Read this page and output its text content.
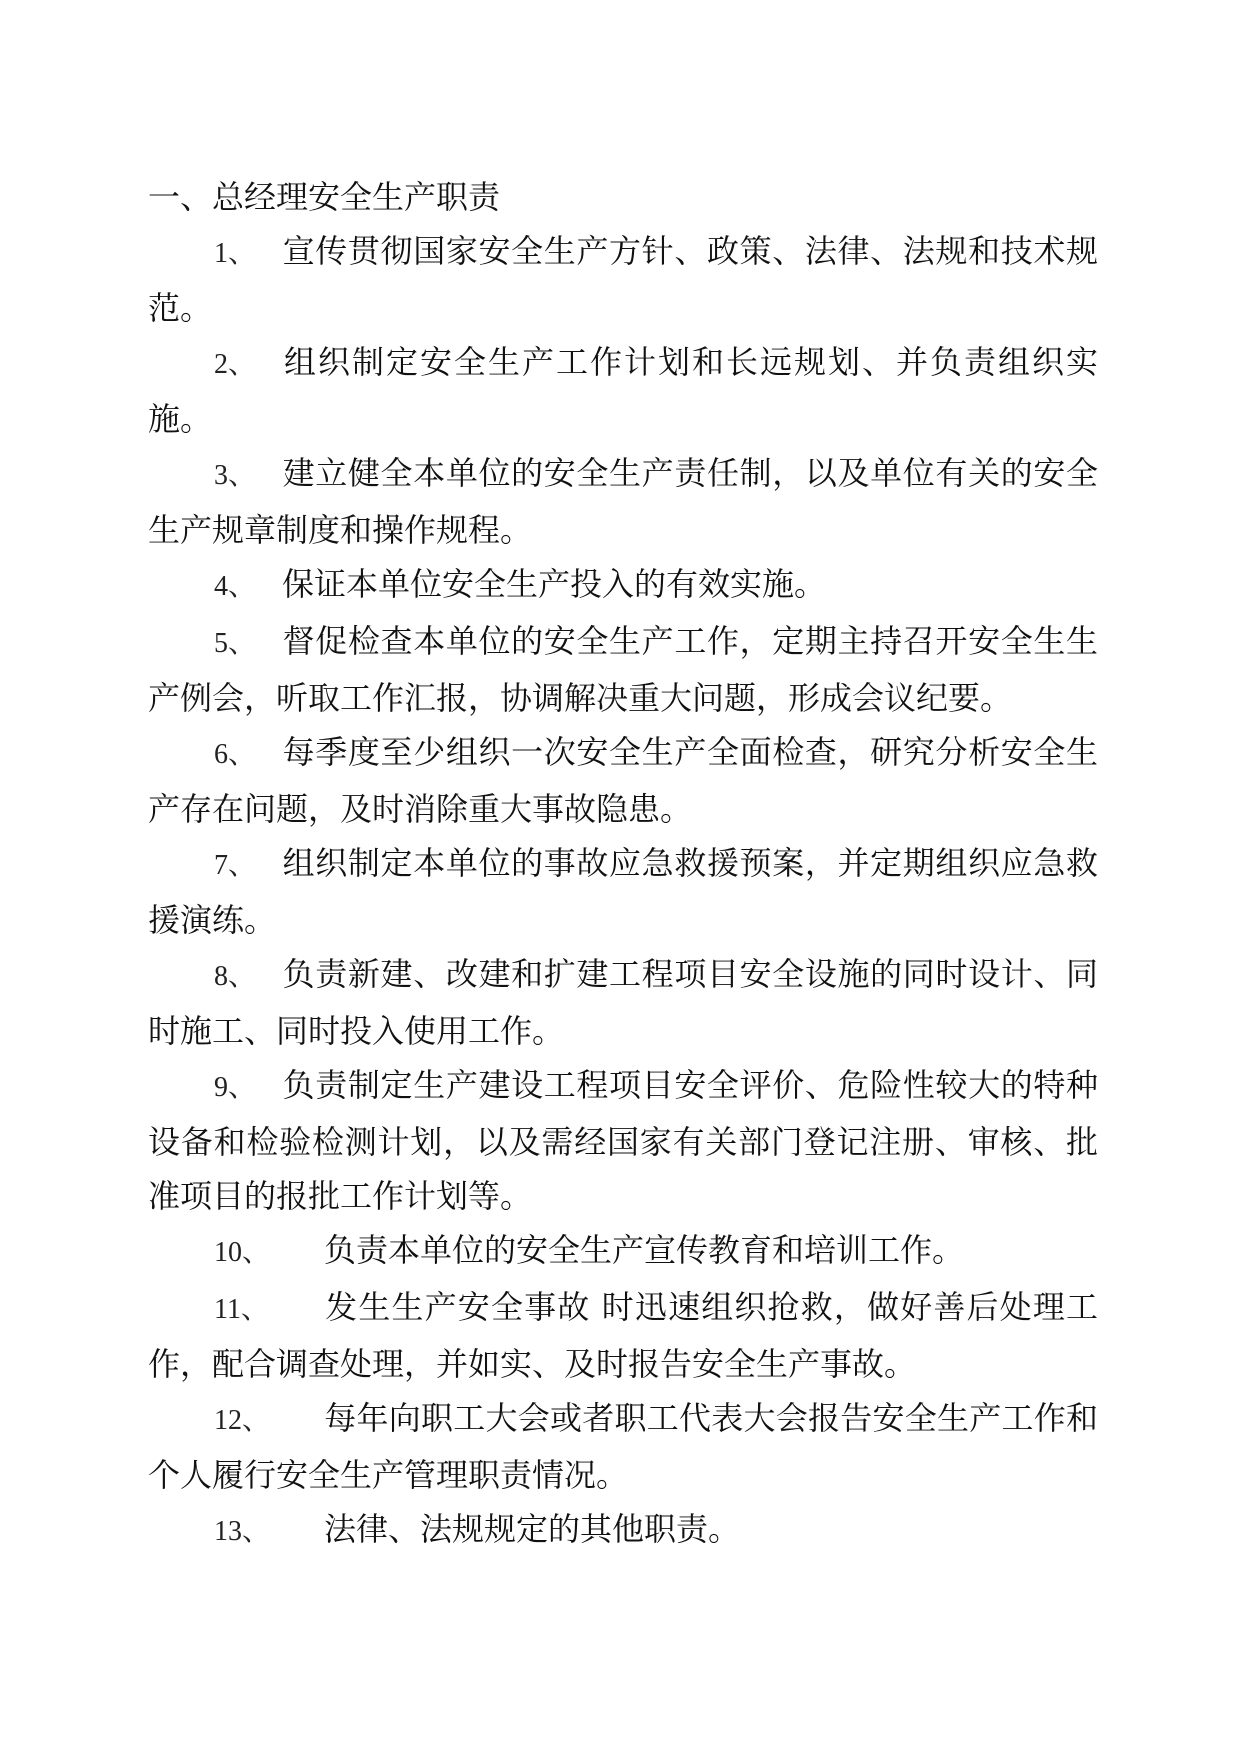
一、总经理安全生产职责

1、 宣传贯彻国家安全生产方针、政策、法律、法规和技术规范。

2、 组织制定安全生产工作计划和长远规划、并负责组织实施。

3、 建立健全本单位的安全生产责任制，以及单位有关的安全生产规章制度和操作规程。

4、 保证本单位安全生产投入的有效实施。

5、 督促检查本单位的安全生产工作，定期主持召开安全生生产例会，听取工作汇报，协调解决重大问题，形成会议纪要。

6、 每季度至少组织一次安全生产全面检查，研究分析安全生产存在问题，及时消除重大事故隐患。

7、 组织制定本单位的事故应急救援预案，并定期组织应急救援演练。

8、 负责新建、改建和扩建工程项目安全设施的同时设计、同时施工、同时投入使用工作。

9、 负责制定生产建设工程项目安全评价、危险性较大的特种设备和检验检测计划，以及需经国家有关部门登记注册、审核、批准项目的报批工作计划等。

10、 负责本单位的安全生产宣传教育和培训工作。

11、 发生生产安全事故 时迅速组织抢救，做好善后处理工作，配合调查处理，并如实、及时报告安全生产事故。

12、 每年向职工大会或者职工代表大会报告安全生产工作和个人履行安全生产管理职责情况。

13、 法律、法规规定的其他职责。
